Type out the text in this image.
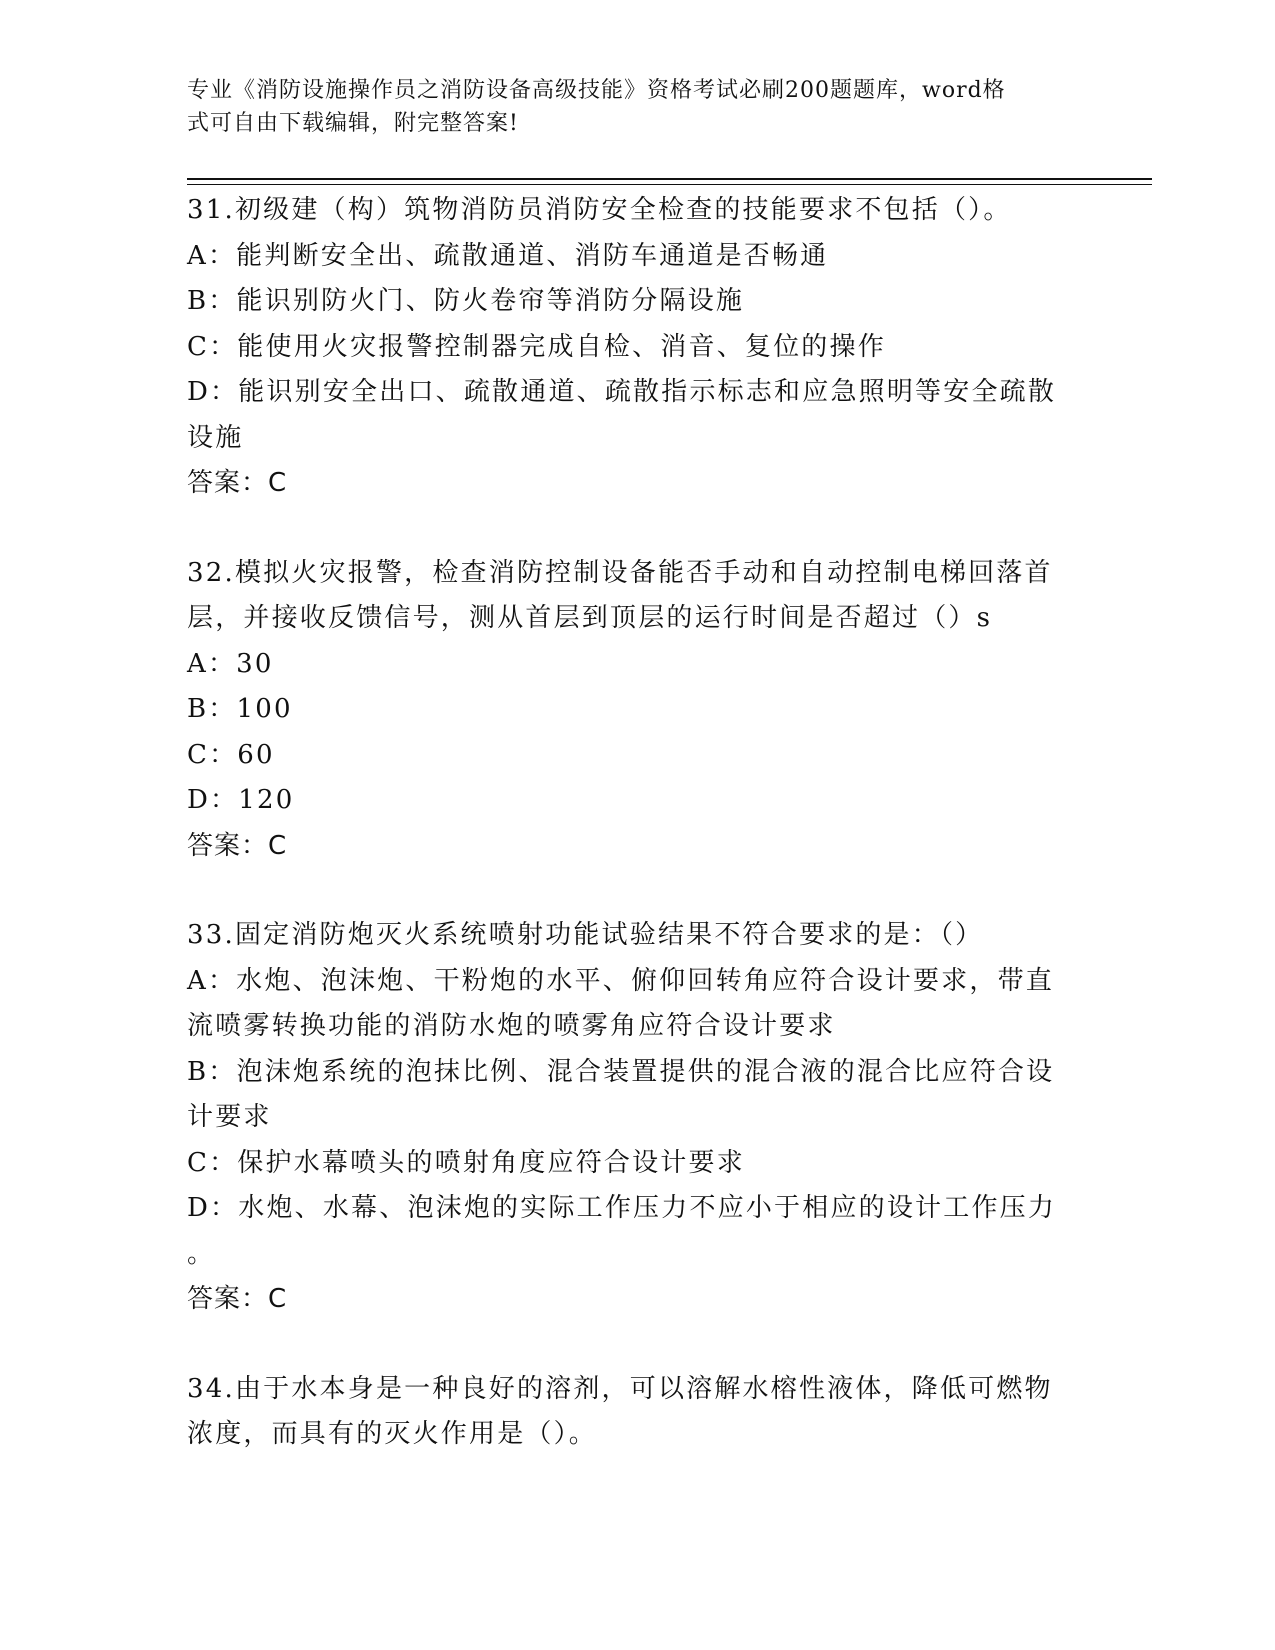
专业《消防设施操作员之消防设备高级技能》资格考试必刷200题题库，word格
式可自由下载编辑，附完整答案!
31.初级建（构）筑物消防员消防安全检查的技能要求不包括（）。
A：能判断安全出、疏散通道、消防车通道是否畅通
B：能识别防火门、防火卷帘等消防分隔设施
C：能使用火灾报警控制器完成自检、消音、复位的操作
D：能识别安全出口、疏散通道、疏散指示标志和应急照明等安全疏散
设施
答案：C
32.模拟火灾报警，检查消防控制设备能否手动和自动控制电梯回落首
层，并接收反馈信号，测从首层到顶层的运行时间是否超过（）s
A：30
B：100
C：60
D：120
答案：C
33.固定消防炮灭火系统喷射功能试验结果不符合要求的是：（）
A：水炮、泡沫炮、干粉炮的水平、俯仰回转角应符合设计要求，带直
流喷雾转换功能的消防水炮的喷雾角应符合设计要求
B：泡沫炮系统的泡抹比例、混合装置提供的混合液的混合比应符合设
计要求
C：保护水幕喷头的喷射角度应符合设计要求
D：水炮、水幕、泡沫炮的实际工作压力不应小于相应的设计工作压力
。
答案：C
34.由于水本身是一种良好的溶剂，可以溶解水榕性液体，降低可燃物
浓度，而具有的灭火作用是（）。
